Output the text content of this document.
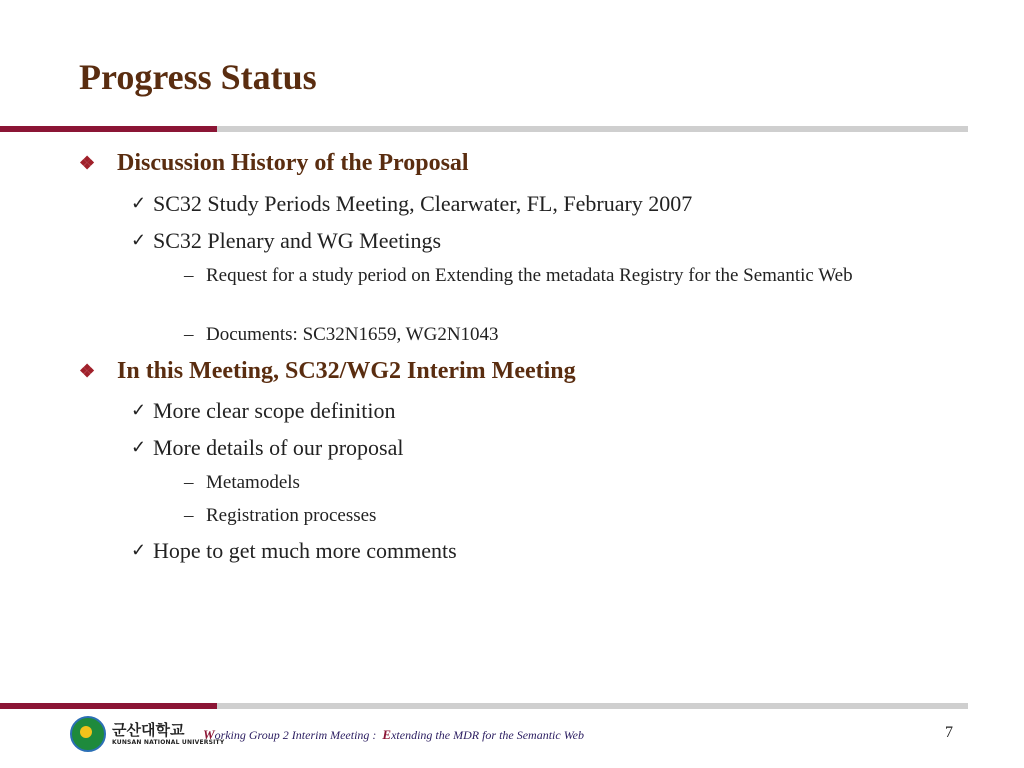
Progress Status
❖ Discussion History of the Proposal
✓ SC32 Study Periods Meeting, Clearwater, FL, February 2007
✓ SC32 Plenary and WG Meetings
– Request for a study period on Extending the metadata Registry for the Semantic Web
– Documents: SC32N1659, WG2N1043
❖ In this Meeting, SC32/WG2 Interim Meeting
✓ More clear scope definition
✓ More details of our proposal
– Metamodels
– Registration processes
✓ Hope to get much more comments
군산대학교
KUNSAN NATIONAL UNIVERSITY
Working Group 2 Interim Meeting : Extending the MDR for the Semantic Web	7
